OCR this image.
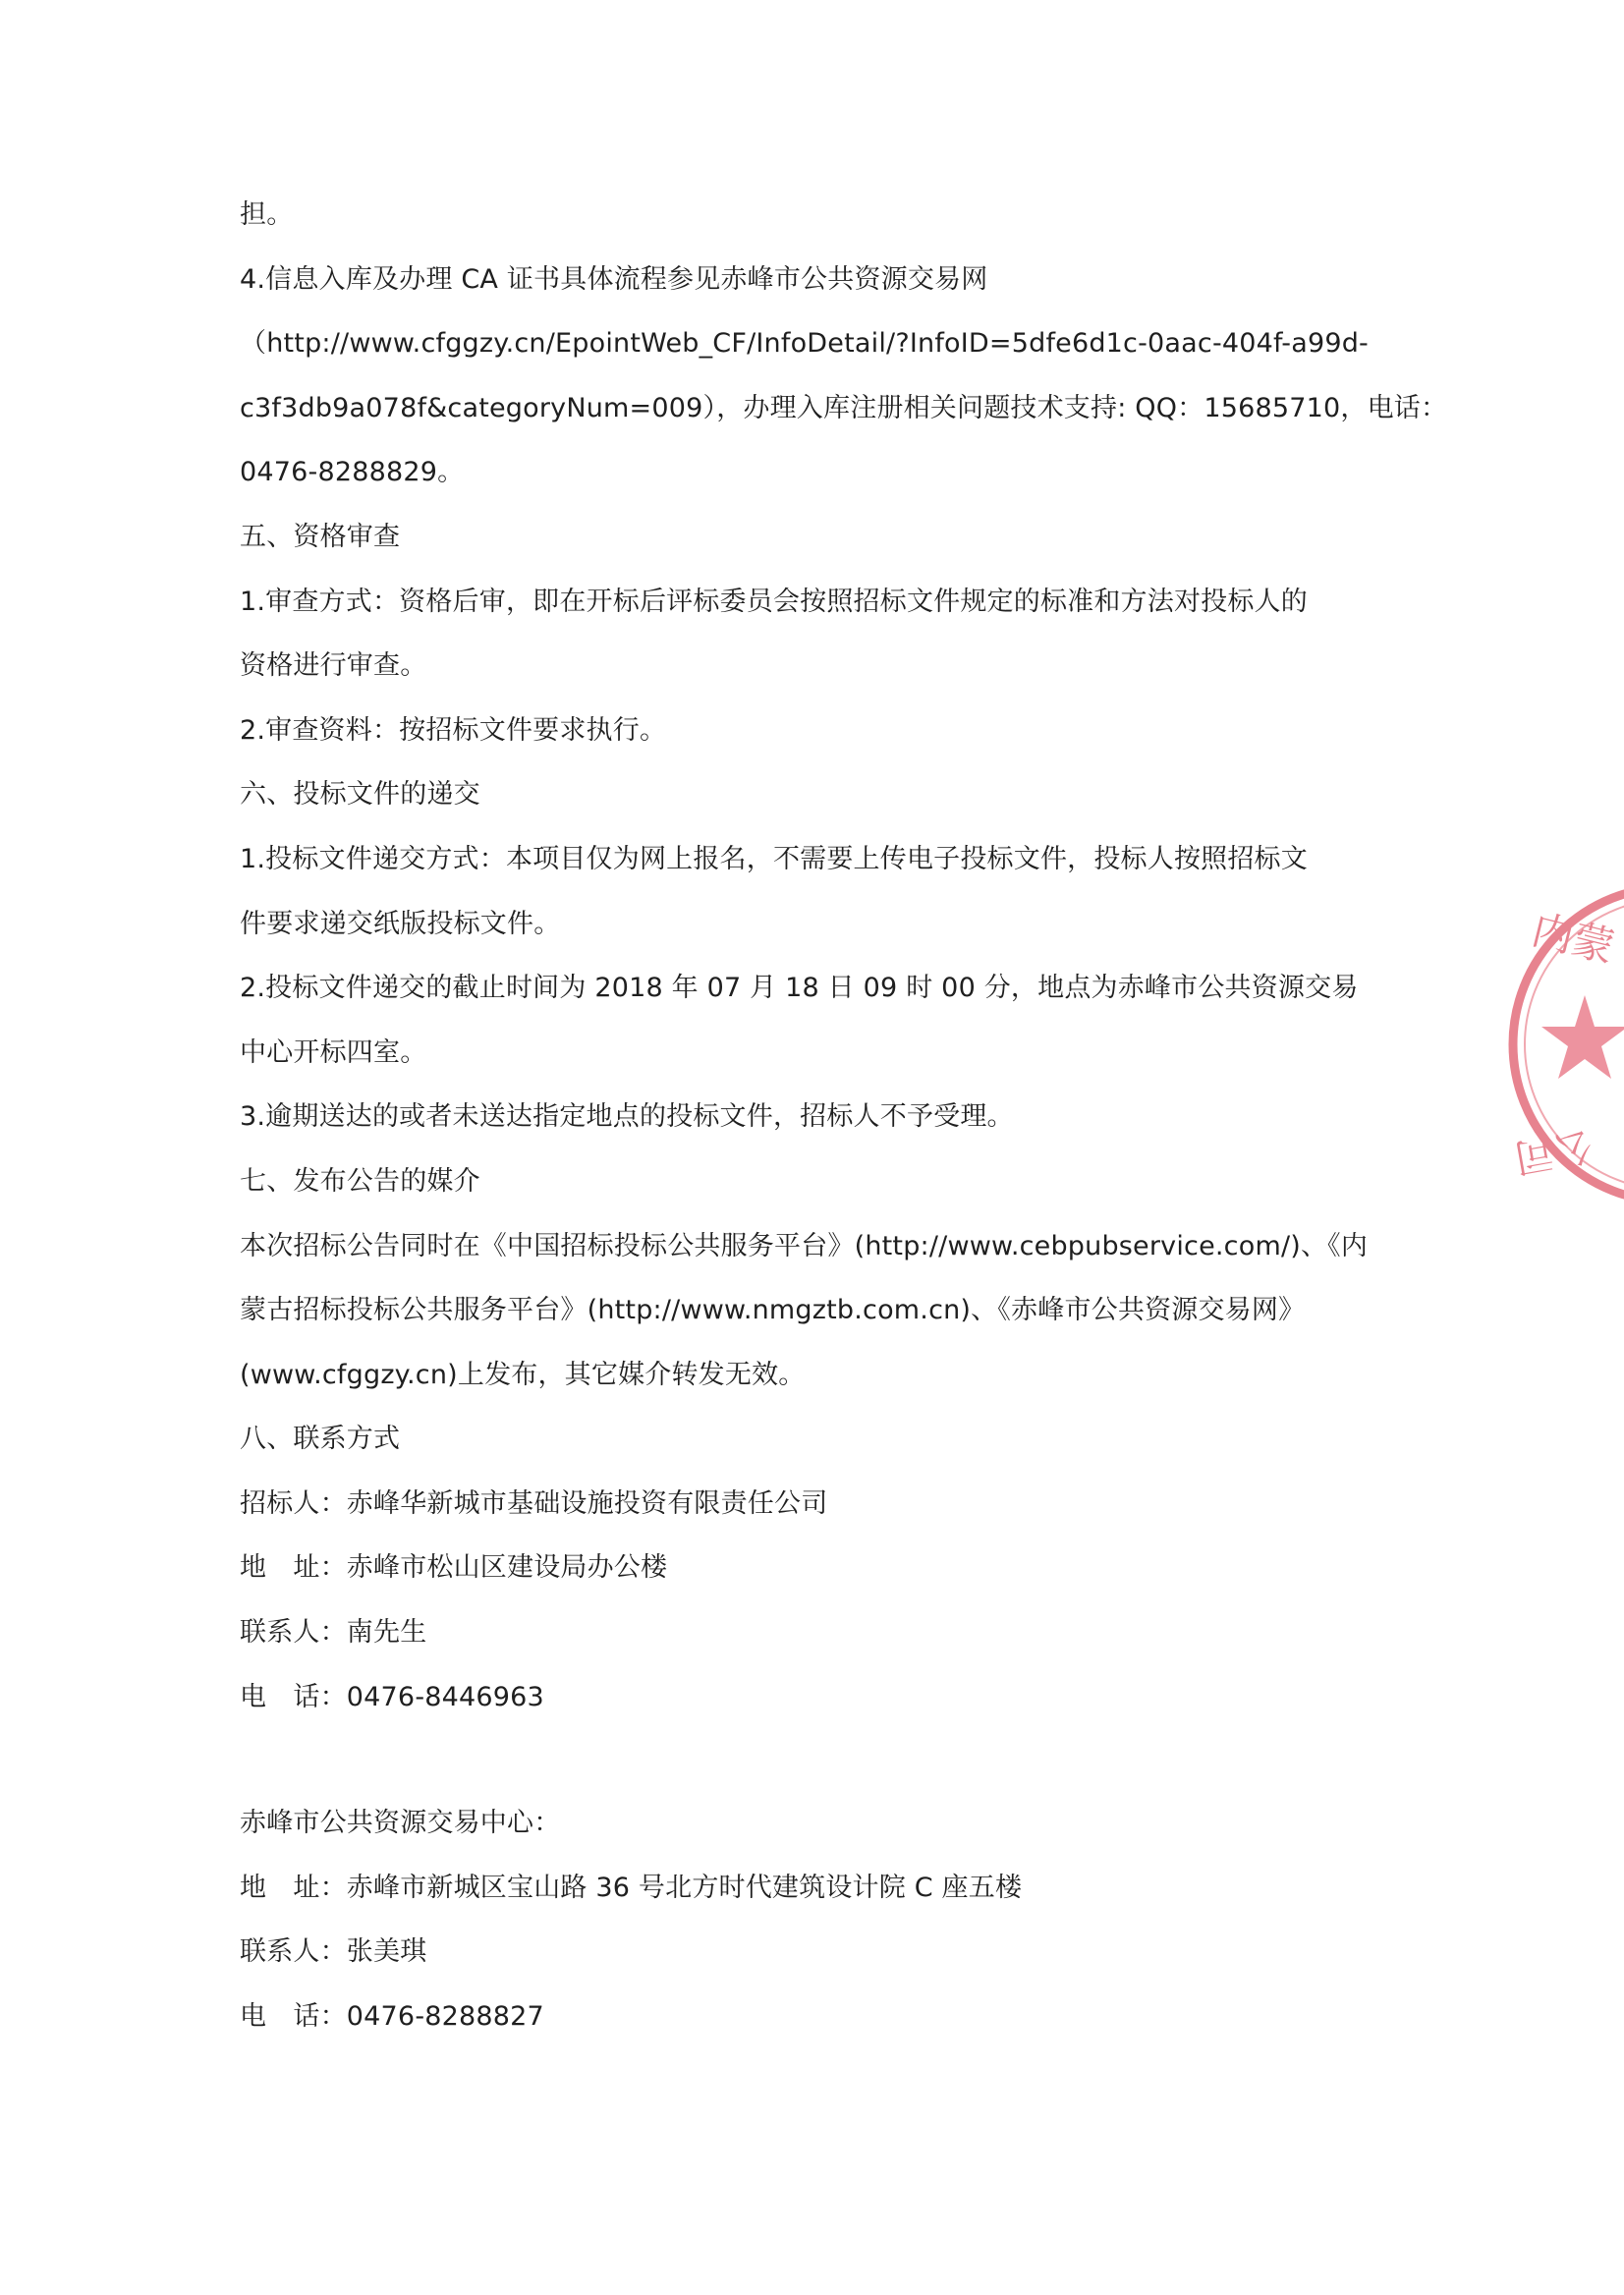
担。
4.信息入库及办理 CA 证书具体流程参见赤峰市公共资源交易网
（http://www.cfggzy.cn/EpointWeb_CF/InfoDetail/?InfoID=5dfe6d1c-0aac-404f-a99d-
c3f3db9a078f&categoryNum=009），办理入库注册相关问题技术支持: QQ：15685710，电话：
0476-8288829。
五、资格审查
1.审查方式：资格后审，即在开标后评标委员会按照招标文件规定的标准和方法对投标人的
资格进行审查。
2.审查资料：按招标文件要求执行。
六、投标文件的递交
1.投标文件递交方式：本项目仅为网上报名，不需要上传电子投标文件，投标人按照招标文
件要求递交纸版投标文件。
2.投标文件递交的截止时间为 2018 年 07 月 18 日 09 时 00 分，地点为赤峰市公共资源交易
中心开标四室。
3.逾期送达的或者未送达指定地点的投标文件，招标人不予受理。
七、发布公告的媒介
本次招标公告同时在《中国招标投标公共服务平台》(http://www.cebpubservice.com/)、《内
蒙古招标投标公共服务平台》(http://www.nmgztb.com.cn)、《赤峰市公共资源交易网》
(www.cfggzy.cn)上发布，其它媒介转发无效。
八、联系方式
招标人：赤峰华新城市基础设施投资有限责任公司
地　址：赤峰市松山区建设局办公楼
联系人：南先生
电　话：0476-8446963
赤峰市公共资源交易中心：
地　址：赤峰市新城区宝山路 36 号北方时代建筑设计院 C 座五楼
联系人：张美琪
电　话：0476-8288827
内蒙
公司
